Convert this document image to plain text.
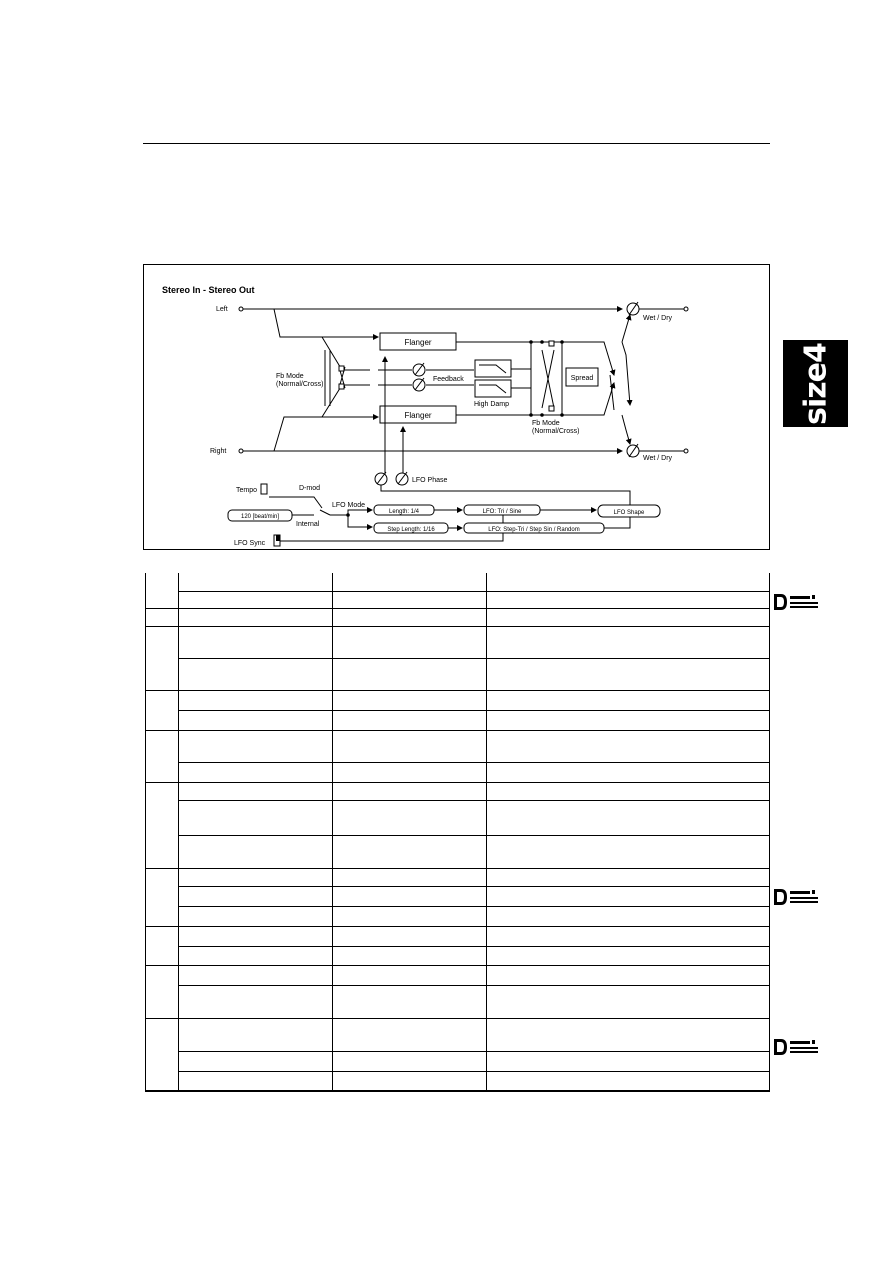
Stereo In - Stereo Out
Left
Right
Wet / Dry
Wet / Dry
Flanger
Flanger
Spread
Feedback
High Damp
Fb Mode
(Normal/Cross)
Fb Mode
(Normal/Cross)
LFO Phase
Tempo	D-mod
120 [beat/min]
Internal
LFO Mode
Length: 1/4
Step Length: 1/16
LFO: Tri / Sine
LFO: Step-Tri / Step Sin / Random
LFO Shape
LFO Sync
size4
